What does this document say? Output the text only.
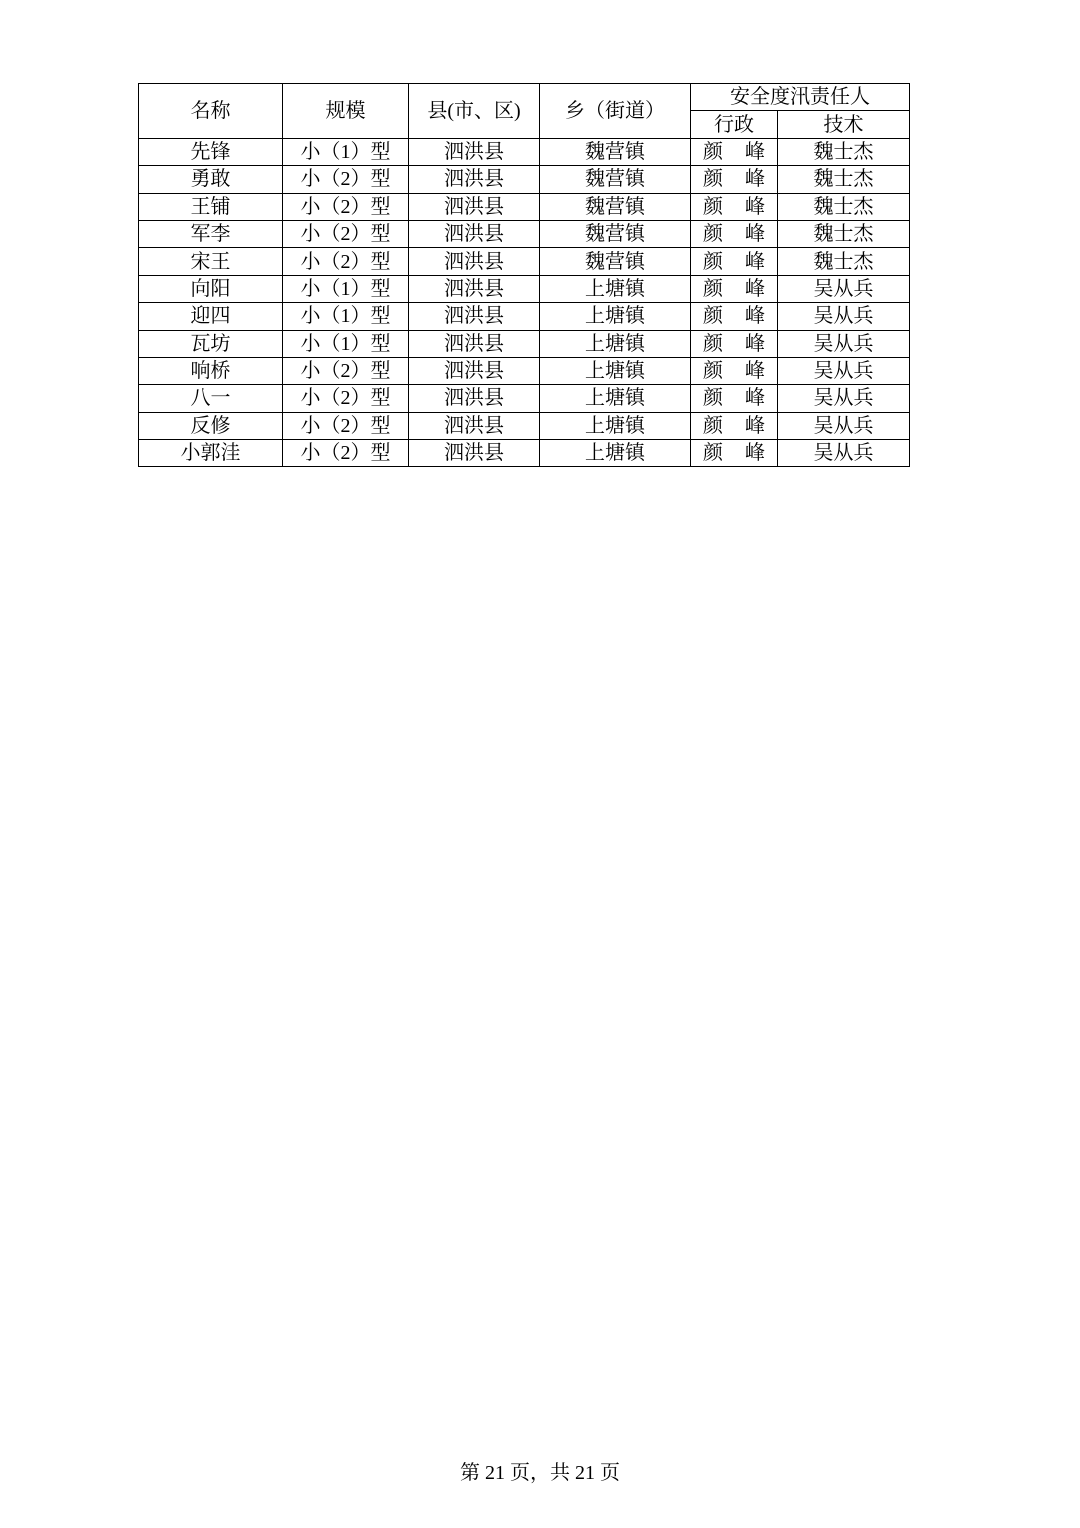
名称	规模	县(市、区)	乡（街道）	安全度汛责任人	
				行政	技术
先锋	小（1）型	泗洪县	魏营镇	颜 峰	魏士杰
勇敢	小（2）型	泗洪县	魏营镇	颜 峰	魏士杰
王铺	小（2）型	泗洪县	魏营镇	颜 峰	魏士杰
军李	小（2）型	泗洪县	魏营镇	颜 峰	魏士杰
宋王	小（2）型	泗洪县	魏营镇	颜 峰	魏士杰
向阳	小（1）型	泗洪县	上塘镇	颜 峰	吴从兵
迎四	小（1）型	泗洪县	上塘镇	颜 峰	吴从兵
瓦坊	小（1）型	泗洪县	上塘镇	颜 峰	吴从兵
响桥	小（2）型	泗洪县	上塘镇	颜 峰	吴从兵
八一	小（2）型	泗洪县	上塘镇	颜 峰	吴从兵
反修	小（2）型	泗洪县	上塘镇	颜 峰	吴从兵
小郭洼	小（2）型	泗洪县	上塘镇	颜 峰	吴从兵
第 21 页，共 21 页
